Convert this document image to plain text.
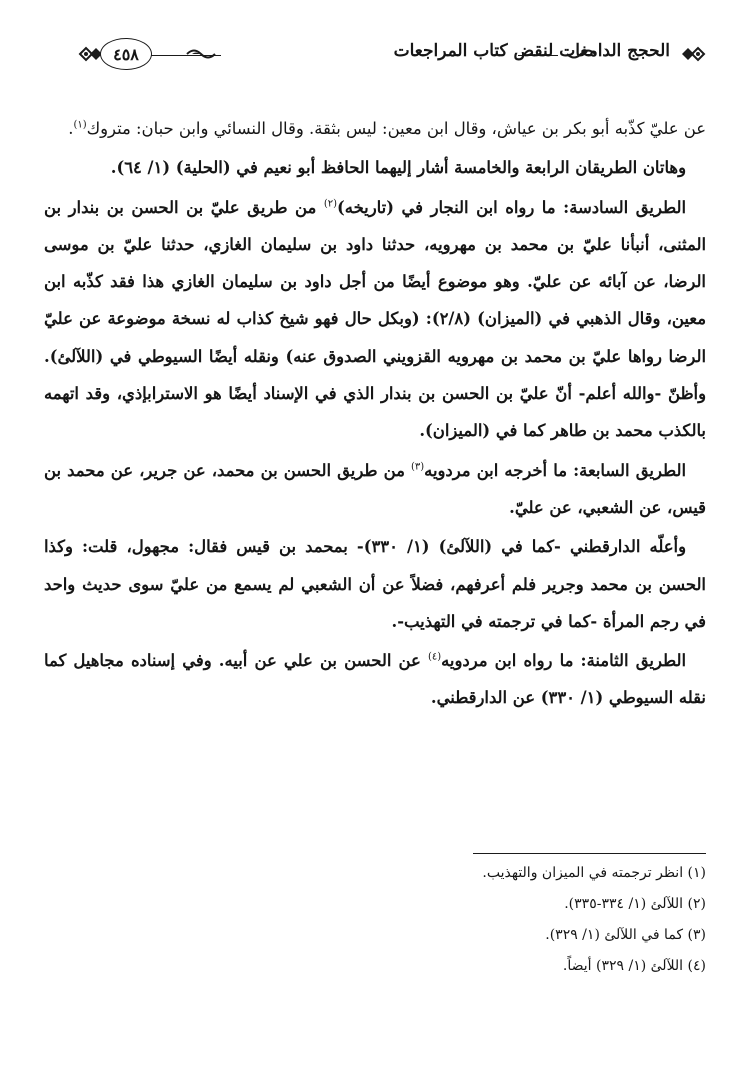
٤٥٨	الحجج الدامغات لنقض كتاب المراجعات

عن عليّ كذّبه أبو بكر بن عياش، وقال ابن معين: ليس بثقة. وقال النسائي وابن حبان: متروك$^{(١)}$.

وهاتان الطريقان الرابعة والخامسة أشار إليهما الحافظ أبو نعيم في (الحلية) (١/ ٦٤).

الطريق السادسة: ما رواه ابن النجار في (تاريخه)$^{(٢)}$ من طريق عليّ بن الحسن بن بندار بن المثنى، أنبأنا عليّ بن محمد بن مهرويه، حدثنا داود بن سليمان الغازي، حدثنا عليّ بن موسى الرضا، عن آبائه عن عليّ. وهو موضوع أيضًا من أجل داود بن سليمان الغازي هذا فقد كذّبه ابن معين، وقال الذهبي في (الميزان) (٢/٨): (وبكل حال فهو شيخ كذاب له نسخة موضوعة عن عليّ الرضا رواها عليّ بن محمد بن مهرويه القزويني الصدوق عنه) ونقله أيضًا السيوطي في (اللآلئ). وأظنّ -والله أعلم- أنّ عليّ بن الحسن بن بندار الذي في الإسناد أيضًا هو الاسترابإذي، وقد اتهمه بالكذب محمد بن طاهر كما في (الميزان).

الطريق السابعة: ما أخرجه ابن مردويه$^{(٣)}$ من طريق الحسن بن محمد، عن جرير، عن محمد بن قيس، عن الشعبي، عن عليّ.

وأعلّه الدارقطني -كما في (اللآلئ) (١/ ٣٣٠)- بمحمد بن قيس فقال: مجهول، قلت: وكذا الحسن بن محمد وجرير فلم أعرفهم، فضلاً عن أن الشعبي لم يسمع من عليّ سوى حديث واحد في رجم المرأة -كما في ترجمته في التهذيب-.

الطريق الثامنة: ما رواه ابن مردويه$^{(٤)}$ عن الحسن بن علي عن أبيه. وفي إسناده مجاهيل كما نقله السيوطي (١/ ٣٣٠) عن الدارقطني.

(١) انظر ترجمته في الميزان والتهذيب.

(٢) اللآلئ (١/ ٣٣٤-٣٣٥).

(٣) كما في اللآلئ (١/ ٣٢٩).

(٤) اللآلئ (١/ ٣٢٩) أيضاً.
